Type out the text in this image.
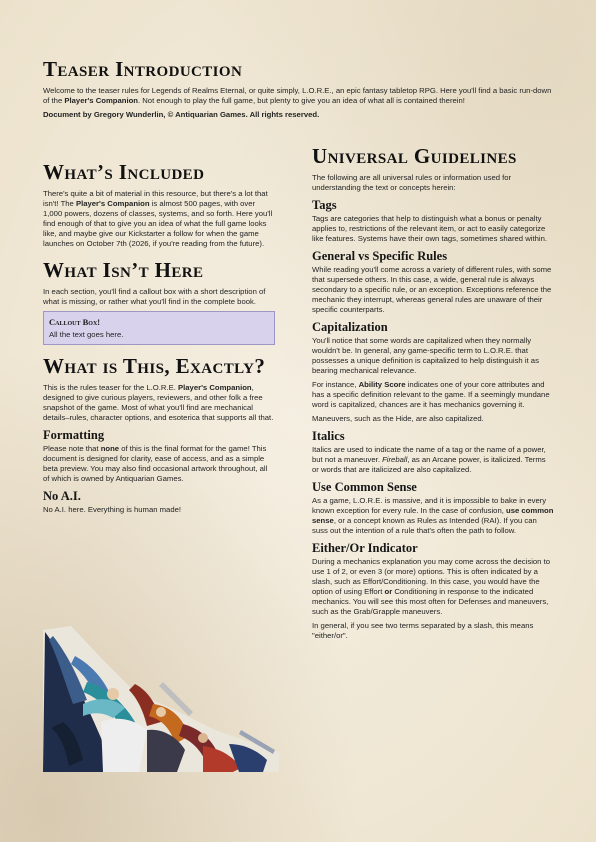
Teaser Introduction

Welcome to the teaser rules for Legends of Realms Eternal, or quite simply, L.O.R.E., an epic fantasy tabletop RPG. Here you'll find a basic run-down of the Player's Companion. Not enough to play the full game, but plenty to give you an idea of what all is contained therein!

Document by Gregory Wunderlin, © Antiquarian Games. All rights reserved.

What’s Included

There's quite a bit of material in this resource, but there's a lot that isn't! The Player's Companion is almost 500 pages, with over 1,000 powers, dozens of classes, systems, and so forth. Here you'll find enough of that to give you an idea of what the full game looks like, and maybe give our Kickstarter a follow for when the game launches on October 7th (2026, if you're reading from the future).

What Isn’t Here

In each section, you'll find a callout box with a short description of what is missing, or rather what you'll find in the complete book.

Callout Box!
All the text goes here.
What is This, Exactly?

This is the rules teaser for the L.O.R.E. Player's Companion, designed to give curious players, reviewers, and other folk a free snapshot of the game. Most of what you'll find are mechanical details–rules, character options, and esoterica that supports all that.

Formatting

Please note that none of this is the final format for the game! This document is designed for clarity, ease of access, and as a simple beta preview. You may also find occasional artwork throughout, all of which is owned by Antiquarian Games.

No A.I.

No A.I. here. Everything is human made!

Universal Guidelines

The following are all universal rules or information used for understanding the text or concepts herein:

Tags

Tags are categories that help to distinguish what a bonus or penalty applies to, restrictions of the relevant item, or act to easily categorize like features. Systems have their own tags, sometimes shared within.

General vs Specific Rules

While reading you'll come across a variety of different rules, with some that supersede others. In this case, a wide, general rule is always secondary to a specific rule, or an exception. Exceptions reference the mechanic they interrupt, whereas general rules are unaware of their specific counterparts.

Capitalization

You'll notice that some words are capitalized when they normally wouldn't be. In general, any game-specific term to L.O.R.E. that possesses a unique definition is capitalized to help distinguish it as bearing mechanical relevance.

For instance, Ability Score indicates one of your core attributes and has a specific definition relevant to the game. If a seemingly mundane word is capitalized, chances are it has mechanics governing it.

Maneuvers, such as the Hide, are also capitalized.

Italics

Italics are used to indicate the name of a tag or the name of a power, but not a maneuver. Fireball, as an Arcane power, is italicized. Terms or words that are italicized are also capitalized.

Use Common Sense

As a game, L.O.R.E. is massive, and it is impossible to bake in every known exception for every rule. In the case of confusion, use common sense, or a concept known as Rules as Intended (RAI). If you can suss out the intention of a rule that's often the path to follow.

Either/Or Indicator

During a mechanics explanation you may come across the decision to use 1 of 2, or even 3 (or more) options. This is often indicated by a slash, such as Effort/Conditioning. In this case, you would have the option of using Effort or Conditioning in response to the indicated mechanics. You will see this most often for Defenses and maneuvers, such as the Grab/Grapple maneuvers.

In general, if you see two terms separated by a slash, this means "either/or".
